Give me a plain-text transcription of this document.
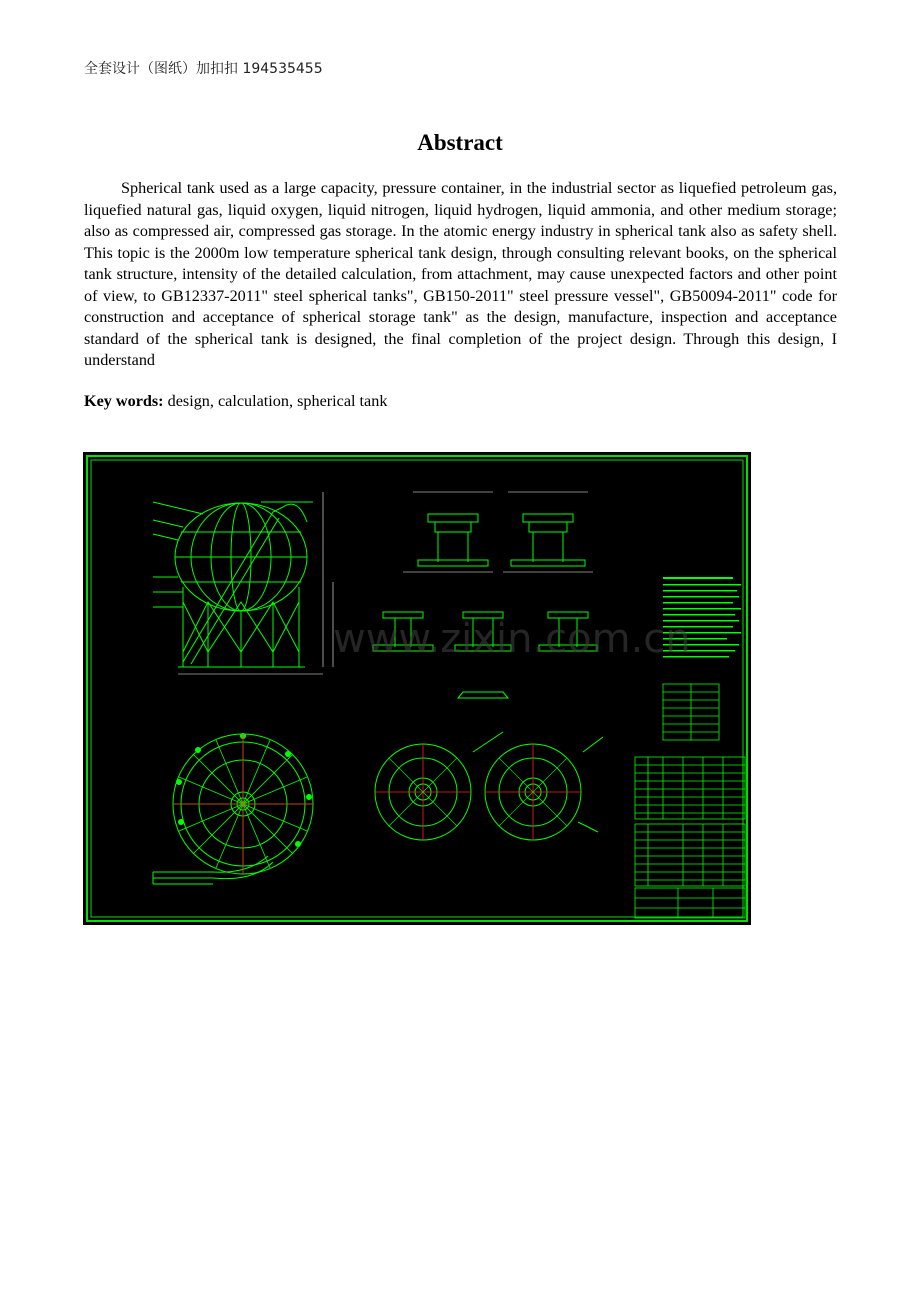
全套设计（图纸）加扣扣 194535455
Abstract

Spherical tank used as a large capacity, pressure container, in the industrial sector as liquefied petroleum gas, liquefied natural gas, liquid oxygen, liquid nitrogen, liquid hydrogen, liquid ammonia, and other medium storage; also as compressed air, compressed gas storage. In the atomic energy industry in spherical tank also as safety shell. This topic is the 2000m low temperature spherical tank design, through consulting relevant books, on the spherical tank structure, intensity of the detailed calculation, from attachment, may cause unexpected factors and other point of view, to GB12337-2011" steel spherical tanks", GB150-2011" steel pressure vessel", GB50094-2011" code for construction and acceptance of spherical storage tank" as the design, manufacture, inspection and acceptance standard of the spherical tank is designed, the final completion of the project design. Through this design, I understand

Key words: design, calculation, spherical tank
www.zixin.com.cn
